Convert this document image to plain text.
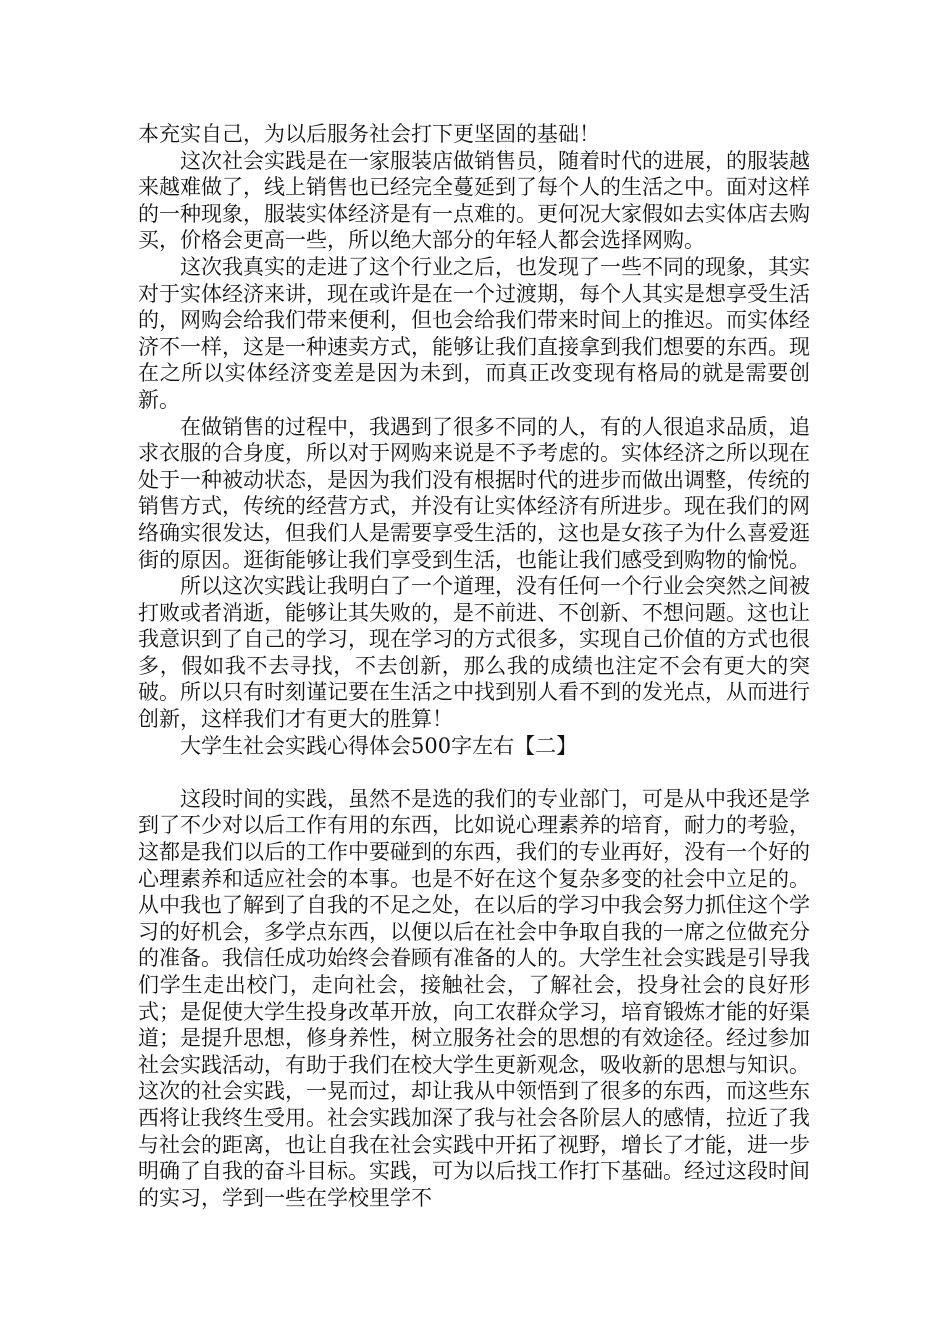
本充实自己，为以后服务社会打下更坚固的基础！

这次社会实践是在一家服装店做销售员，随着时代的进展，的服装越来越难做了，线上销售也已经完全蔓延到了每个人的生活之中。面对这样的一种现象，服装实体经济是有一点难的。更何况大家假如去实体店去购买，价格会更高一些，所以绝大部分的年轻人都会选择网购。

这次我真实的走进了这个行业之后，也发现了一些不同的现象，其实对于实体经济来讲，现在或许是在一个过渡期，每个人其实是想享受生活的，网购会给我们带来便利，但也会给我们带来时间上的推迟。而实体经济不一样，这是一种速卖方式，能够让我们直接拿到我们想要的东西。现在之所以实体经济变差是因为未到，而真正改变现有格局的就是需要创新。

在做销售的过程中，我遇到了很多不同的人，有的人很追求品质，追求衣服的合身度，所以对于网购来说是不予考虑的。实体经济之所以现在处于一种被动状态，是因为我们没有根据时代的进步而做出调整，传统的销售方式，传统的经营方式，并没有让实体经济有所进步。现在我们的网络确实很发达，但我们人是需要享受生活的，这也是女孩子为什么喜爱逛街的原因。逛街能够让我们享受到生活，也能让我们感受到购物的愉悦。

所以这次实践让我明白了一个道理，没有任何一个行业会突然之间被打败或者消逝，能够让其失败的，是不前进、不创新、不想问题。这也让我意识到了自己的学习，现在学习的方式很多，实现自己价值的方式也很多，假如我不去寻找，不去创新，那么我的成绩也注定不会有更大的突破。所以只有时刻谨记要在生活之中找到别人看不到的发光点，从而进行创新，这样我们才有更大的胜算！

大学生社会实践心得体会500字左右【二】

这段时间的实践，虽然不是选的我们的专业部门，可是从中我还是学到了不少对以后工作有用的东西，比如说心理素养的培育，耐力的考验，这都是我们以后的工作中要碰到的东西，我们的专业再好，没有一个好的心理素养和适应社会的本事。也是不好在这个复杂多变的社会中立足的。从中我也了解到了自我的不足之处，在以后的学习中我会努力抓住这个学习的好机会，多学点东西，以便以后在社会中争取自我的一席之位做充分的准备。我信任成功始终会眷顾有准备的人的。大学生社会实践是引导我们学生走出校门，走向社会，接触社会，了解社会，投身社会的良好形式；是促使大学生投身改革开放，向工农群众学习，培育锻炼才能的好渠道；是提升思想，修身养性，树立服务社会的思想的有效途径。经过参加社会实践活动，有助于我们在校大学生更新观念，吸收新的思想与知识。这次的社会实践，一晃而过，却让我从中领悟到了很多的东西，而这些东西将让我终生受用。社会实践加深了我与社会各阶层人的感情，拉近了我与社会的距离，也让自我在社会实践中开拓了视野，增长了才能，进一步明确了自我的奋斗目标。实践，可为以后找工作打下基础。经过这段时间的实习，学到一些在学校里学不
